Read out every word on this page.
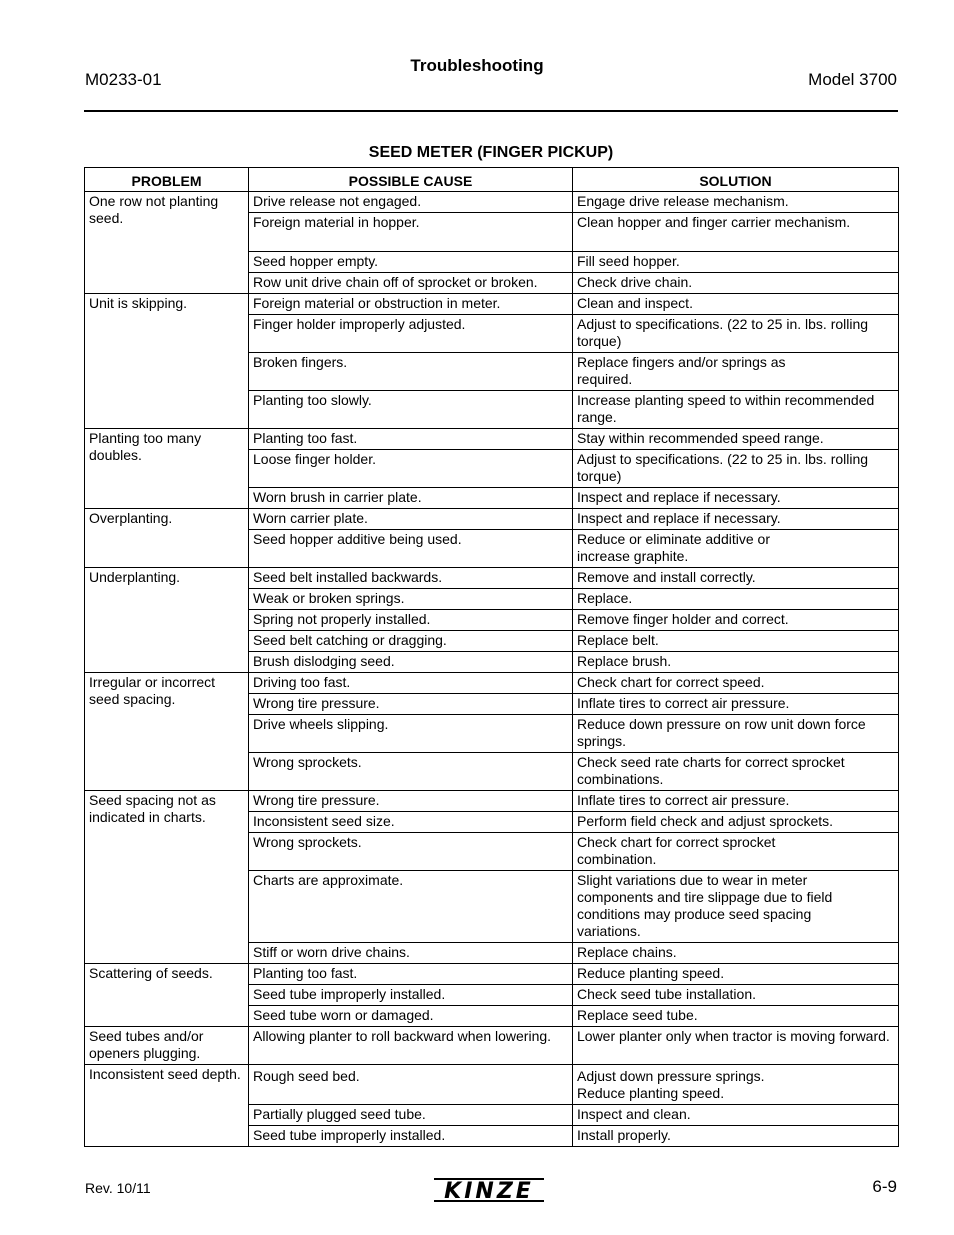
M0233-01
Troubleshooting
Model 3700
SEED METER (FINGER PICKUP)
PROBLEM	POSSIBLE CAUSE	SOLUTION
One row not planting seed.	Drive release not engaged.	Engage drive release mechanism.
	Foreign material in hopper.	Clean hopper and finger carrier mechanism.
	Seed hopper empty.	Fill seed hopper.
	Row unit drive chain off of sprocket or broken.	Check drive chain.
Unit is skipping.	Foreign material or obstruction in meter.	Clean and inspect.
	Finger holder improperly adjusted.	Adjust to specifications. (22 to 25 in. lbs. rolling torque)
	Broken fingers.	Replace fingers and/or springs as
required.
	Planting too slowly.	Increase planting speed to within recommended range.
Planting too many doubles.	Planting too fast.	Stay within recommended speed range.
	Loose finger holder.	Adjust to specifications. (22 to 25 in. lbs. rolling torque)
	Worn brush in carrier plate.	Inspect and replace if necessary.
Overplanting.	Worn carrier plate.	Inspect and replace if necessary.
	Seed hopper additive being used.	Reduce or eliminate additive or
increase graphite.
Underplanting.	Seed belt installed backwards.	Remove and install correctly.
	Weak or broken springs.	Replace.
	Spring not properly installed.	Remove finger holder and correct.
	Seed belt catching or dragging.	Replace belt.
	Brush dislodging seed.	Replace brush.
Irregular or incorrect seed spacing.	Driving too fast.	Check chart for correct speed.
	Wrong tire pressure.	Inflate tires to correct air pressure.
	Drive wheels slipping.	Reduce down pressure on row unit down force springs.
	Wrong sprockets.	Check seed rate charts for correct sprocket combinations.
Seed spacing not as indicated in charts.	Wrong tire pressure.	Inflate tires to correct air pressure.
	Inconsistent seed size.	Perform field check and adjust sprockets.
	Wrong sprockets.	Check chart for correct sprocket
combination.
	Charts are approximate.	Slight variations due to wear in meter
components and tire slippage due to field
conditions may produce seed spacing
variations.
	Stiff or worn drive chains.	Replace chains.
Scattering of seeds.	Planting too fast.	Reduce planting speed.
	Seed tube improperly installed.	Check seed tube installation.
	Seed tube worn or damaged.	Replace seed tube.
Seed tubes and/or openers plugging.	Allowing planter to roll backward when lowering.	Lower planter only when tractor is moving forward.
Inconsistent seed depth.	Rough seed bed.	Adjust down pressure springs.
Reduce planting speed.
	Partially plugged seed tube.	Inspect and clean.
	Seed tube improperly installed.	Install properly.
Rev. 10/11	KINZE	6-9
